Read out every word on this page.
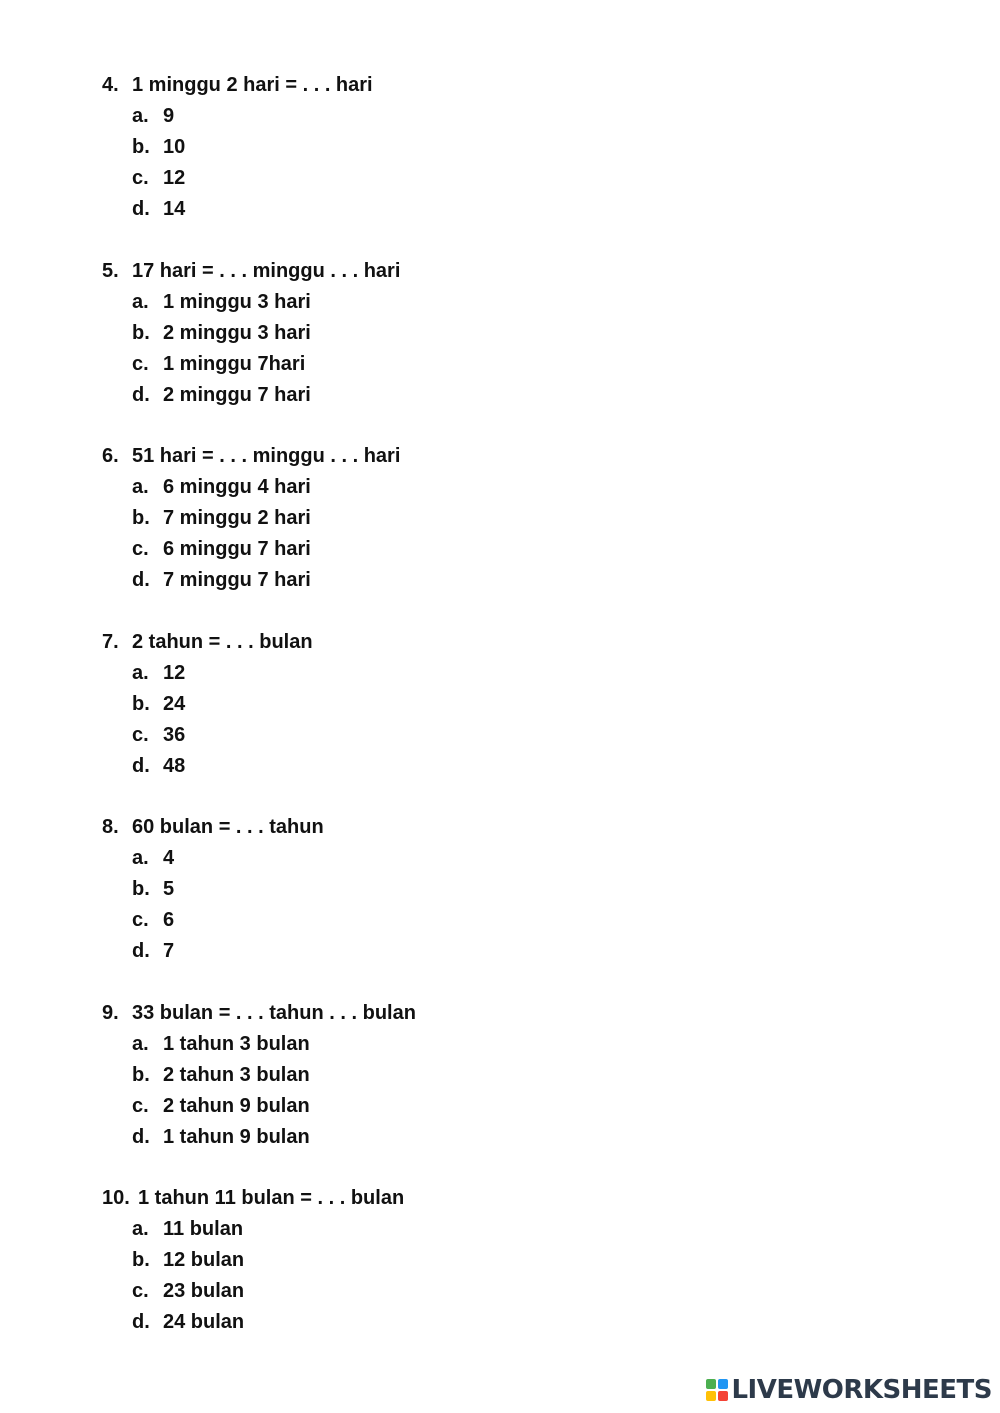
4. 1 minggu 2 hari = . . . hari
a. 9
b. 10
c. 12
d. 14
5. 17 hari = . . . minggu . . . hari
a. 1 minggu 3 hari
b. 2 minggu 3 hari
c. 1 minggu 7hari
d. 2 minggu 7 hari
6. 51 hari = . . . minggu . . . hari
a. 6 minggu 4 hari
b. 7 minggu 2 hari
c. 6 minggu 7 hari
d. 7 minggu 7 hari
7. 2 tahun = . . . bulan
a. 12
b. 24
c. 36
d. 48
8. 60 bulan = . . . tahun
a. 4
b. 5
c. 6
d. 7
9. 33 bulan = . . . tahun . . . bulan
a. 1 tahun 3 bulan
b. 2 tahun 3 bulan
c. 2 tahun 9 bulan
d. 1 tahun 9 bulan
10. 1 tahun 11 bulan = . . . bulan
a. 11 bulan
b. 12 bulan
c. 23 bulan
d. 24 bulan
LIVEWORKSHEETS
